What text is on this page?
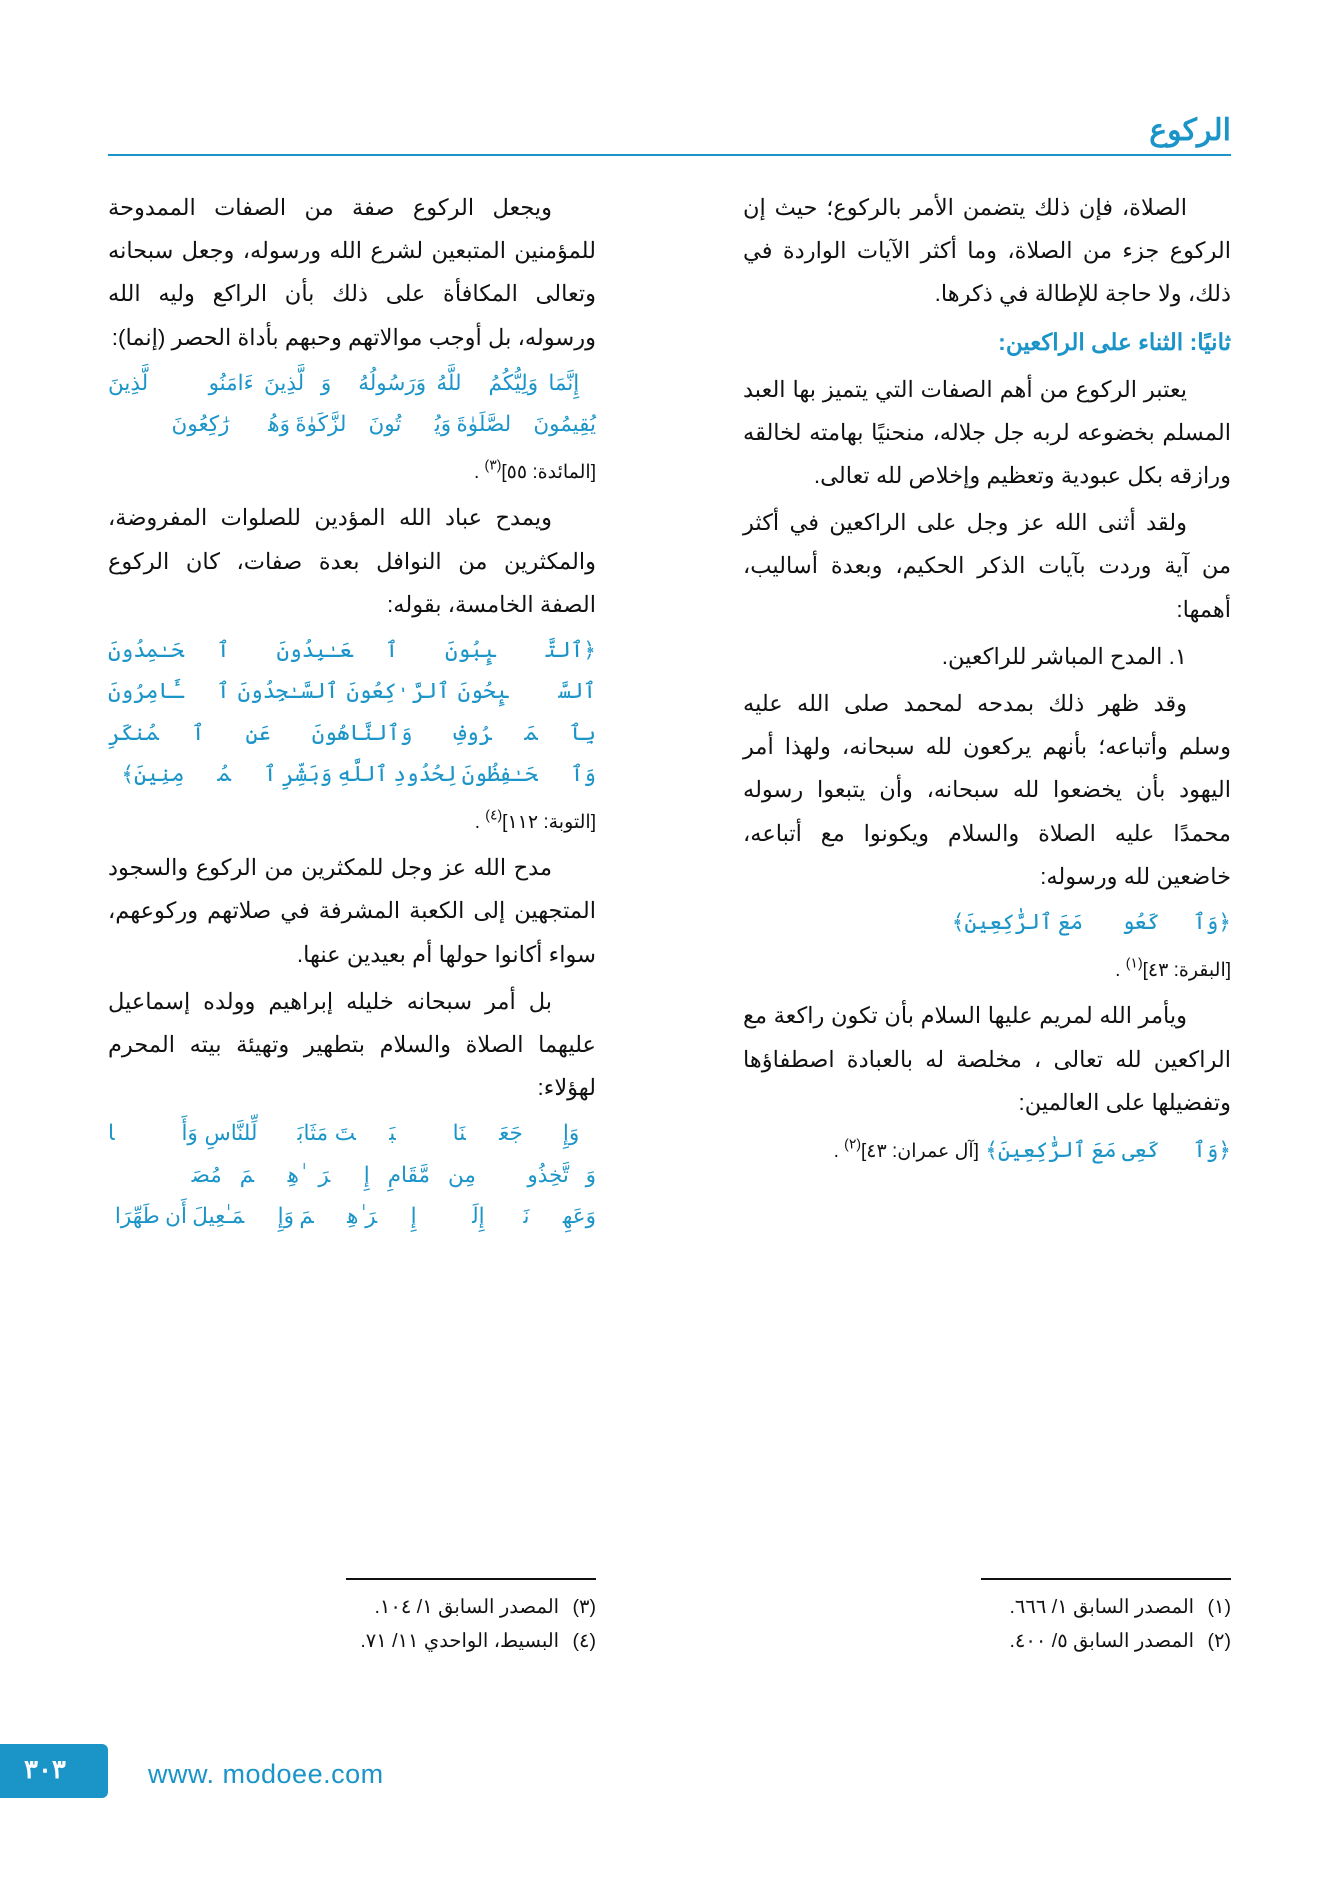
الركوع

الصلاة، فإن ذلك يتضمن الأمر بالركوع؛ حيث إن الركوع جزء من الصلاة، وما أكثر الآيات الواردة في ذلك، ولا حاجة للإطالة في ذكرها.

ثانيًا: الثناء على الراكعين:

يعتبر الركوع من أهم الصفات التي يتميز بها العبد المسلم بخضوعه لربه جل جلاله، منحنيًا بهامته لخالقه ورازقه بكل عبودية وتعظيم وإخلاص لله تعالى.

ولقد أثنى الله عز وجل على الراكعين في أكثر من آية وردت بآيات الذكر الحكيم، وبعدة أساليب، أهمها:

١. المدح المباشر للراكعين.

وقد ظهر ذلك بمدحه لمحمد صلى الله عليه وسلم وأتباعه؛ بأنهم يركعون لله سبحانه، ولهذا أمر اليهود بأن يخضعوا لله سبحانه، وأن يتبعوا رسوله محمدًا عليه الصلاة والسلام ويكونوا مع أتباعه، خاضعين لله ورسوله:

﴿وَٱرۡكَعُوا۟ مَعَ ٱلرَّٰكِعِینَ﴾

[البقرة: ٤٣]$^{(١)}$ .

ويأمر الله لمريم عليها السلام بأن تكون راكعة مع الراكعين لله تعالى ، مخلصة له بالعبادة اصطفاؤها وتفضيلها على العالمين:

﴿وَٱرۡكَعِی مَعَ ٱلرَّٰكِعِینَ﴾ [آل عمران: ٤٣]$^{(٢)}$ .

ويجعل الركوع صفة من الصفات الممدوحة للمؤمنين المتبعين لشرع الله ورسوله، وجعل سبحانه وتعالى المكافأة على ذلك بأن الراكع وليه الله ورسوله، بل أوجب موالاتهم وحبهم بأداة الحصر (إنما):

﴿إِنَّمَا وَلِیُّكُمُ ٱللَّهُ وَرَسُولُهُۥ وَٱلَّذِینَ ءَامَنُوا۟ ٱلَّذِینَ یُقِیمُونَ ٱلصَّلَوٰةَ وَیُؤۡتُونَ ٱلزَّكَوٰةَ وَهُمۡ رَٰكِعُونَ﴾

[المائدة: ٥٥]$^{(٣)}$ .

ويمدح عباد الله المؤدين للصلوات المفروضة، والمكثرين من النوافل بعدة صفات، كان الركوع الصفة الخامسة، بقوله:

﴿ٱلتَّـٰۤىِٕبُونَ ٱلۡعَـٰبِدُونَ ٱلۡحَـٰمِدُونَ ٱلسَّـٰۤىِٕحُونَ ٱلرَّ ٰكِعُونَ ٱلسَّـٰجِدُونَ ٱلۡـَٔامِرُونَ بِٱلۡمَعۡرُوفِ وَٱلنَّاهُونَ عَنِ ٱلۡمُنكَرِ وَٱلۡحَـٰفِظُونَ لِحُدُودِ ٱللَّهِ وَبَشِّرِ ٱلۡمُؤۡمِنِینَ﴾

[التوبة: ١١٢]$^{(٤)}$ .

مدح الله عز وجل للمكثرين من الركوع والسجود المتجهين إلى الكعبة المشرفة في صلاتهم وركوعهم، سواء أكانوا حولها أم بعيدين عنها.

بل أمر سبحانه خليله إبراهيم وولده إسماعيل عليهما الصلاة والسلام بتطهير وتهيئة بيته المحرم لهؤلاء:

﴿وَإِذۡ جَعَلۡنَا ٱلۡبَیۡتَ مَثَابَةࣰ لِّلنَّاسِ وَأَمۡنࣰا وَٱتَّخِذُوا۟ مِن مَّقَامِ إِبۡرَ ٰهِـۧمَ مُصَلࣰّىۖ وَعَهِدۡنَاۤ إِلَىٰۤ إِبۡرَ ٰهِـۧمَ وَإِسۡمَـٰعِیلَ أَن طَهِّرَا

(١) المصدر السابق ١/ ٦٦٦.
(٢) المصدر السابق ٥/ ٤٠٠.
(٣) المصدر السابق ١/ ١٠٤.
(٤) البسيط، الواحدي ١١/ ٧١.
٣٠٣	www. modoee.com
